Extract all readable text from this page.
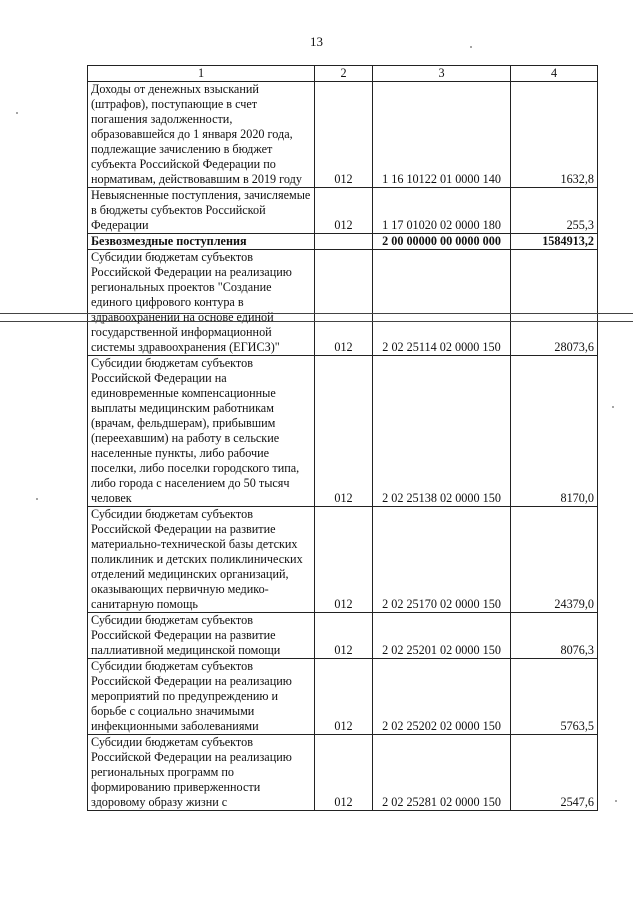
13
1	2	3	4
Доходы от денежных взысканий (штрафов), поступающие в счет погашения задолженности, образовавшейся до 1 января 2020 года, подлежащие зачислению в бюджет субъекта Российской Федерации по нормативам, действовавшим в 2019 году	012	1 16 10122 01 0000 140	1632,8
Невыясненные поступления, зачисляемые в бюджеты субъектов Российской Федерации	012	1 17 01020 02 0000 180	255,3
Безвозмездные поступления		2 00 00000 00 0000 000	1584913,2
Субсидии бюджетам субъектов Российской Федерации на реализацию региональных проектов "Создание единого цифрового контура в здравоохранении на основе единой государственной информационной системы здравоохранения (ЕГИСЗ)"	012	2 02 25114 02 0000 150	28073,6
Субсидии бюджетам субъектов Российской Федерации на единовременные компенсационные выплаты медицинским работникам (врачам, фельдшерам), прибывшим (переехавшим) на работу в сельские населенные пункты, либо рабочие поселки, либо поселки городского типа, либо города с населением до 50 тысяч человек	012	2 02 25138 02 0000 150	8170,0
Субсидии бюджетам субъектов Российской Федерации на развитие материально-технической базы детских поликлиник и детских поликлинических отделений медицинских организаций, оказывающих первичную медико-санитарную помощь	012	2 02 25170 02 0000 150	24379,0
Субсидии бюджетам субъектов Российской Федерации на развитие паллиативной медицинской помощи	012	2 02 25201 02 0000 150	8076,3
Субсидии бюджетам субъектов Российской Федерации на реализацию мероприятий по предупреждению и борьбе с социально значимыми инфекционными заболеваниями	012	2 02 25202 02 0000 150	5763,5
Субсидии бюджетам субъектов Российской Федерации на реализацию региональных программ по формированию приверженности здоровому образу жизни с	012	2 02 25281 02 0000 150	2547,6
